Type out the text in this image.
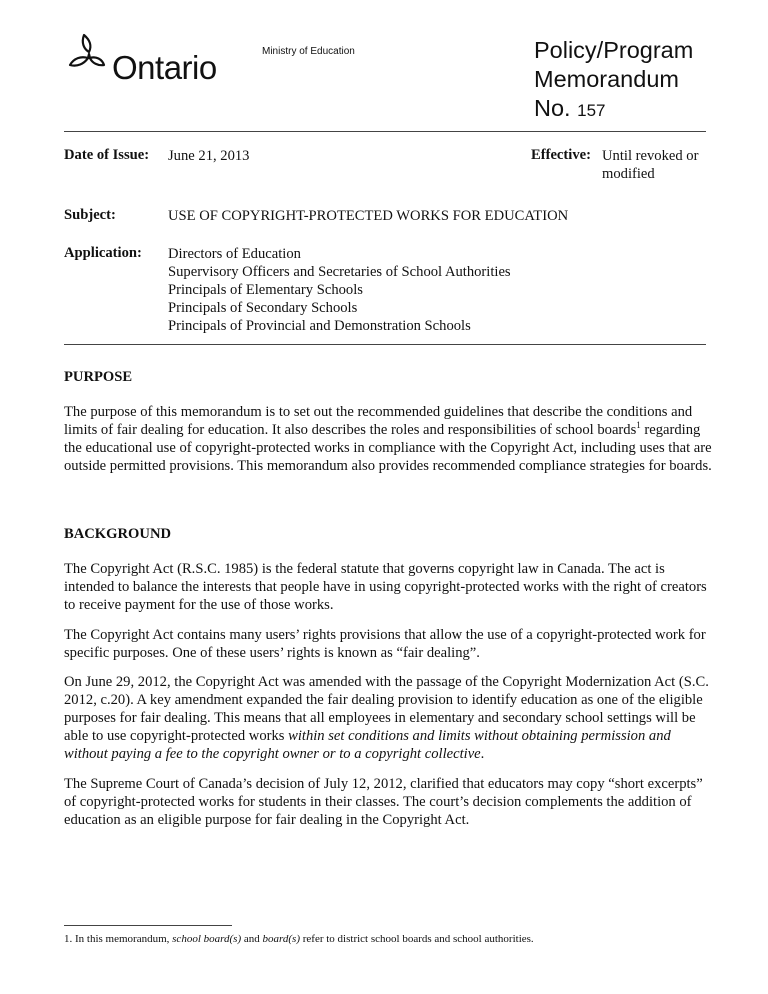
Ontario	Ministry of Education	Policy/Program
Memorandum
No. 157
Date of Issue: June 21, 2013	Effective: Until revoked or
modified
Subject:	USE OF COPYRIGHT-PROTECTED WORKS FOR EDUCATION
Application: Directors of Education
Supervisory Officers and Secretaries of School Authorities
Principals of Elementary Schools
Principals of Secondary Schools
Principals of Provincial and Demonstration Schools
PURPOSE
The purpose of this memorandum is to set out the recommended guidelines that describe the conditions and limits of fair dealing for education. It also describes the roles and responsibilities of school boards$^1$ regarding the educational use of copyright-protected works in compliance with the Copyright Act, including uses that are outside permitted provisions. This memorandum also provides recommended compliance strategies for boards.
BACKGROUND
The Copyright Act (R.S.C. 1985) is the federal statute that governs copyright law in Canada. The act is intended to balance the interests that people have in using copyright-protected works with the right of creators to receive payment for the use of those works.
The Copyright Act contains many users’ rights provisions that allow the use of a copyright-protected work for specific purposes. One of these users’ rights is known as “fair dealing”.
On June 29, 2012, the Copyright Act was amended with the passage of the Copyright Modernization Act (S.C. 2012, c.20). A key amendment expanded the fair dealing provision to identify education as one of the eligible purposes for fair dealing. This means that all employees in elementary and secondary school settings will be able to use copyright-protected works within set conditions and limits without obtaining permission and without paying a fee to the copyright owner or to a copyright collective.
The Supreme Court of Canada’s decision of July 12, 2012, clarified that educators may copy “short excerpts” of copyright-protected works for students in their classes. The court’s decision complements the addition of education as an eligible purpose for fair dealing in the Copyright Act.
1. In this memorandum, school board(s) and board(s) refer to district school boards and school authorities.
